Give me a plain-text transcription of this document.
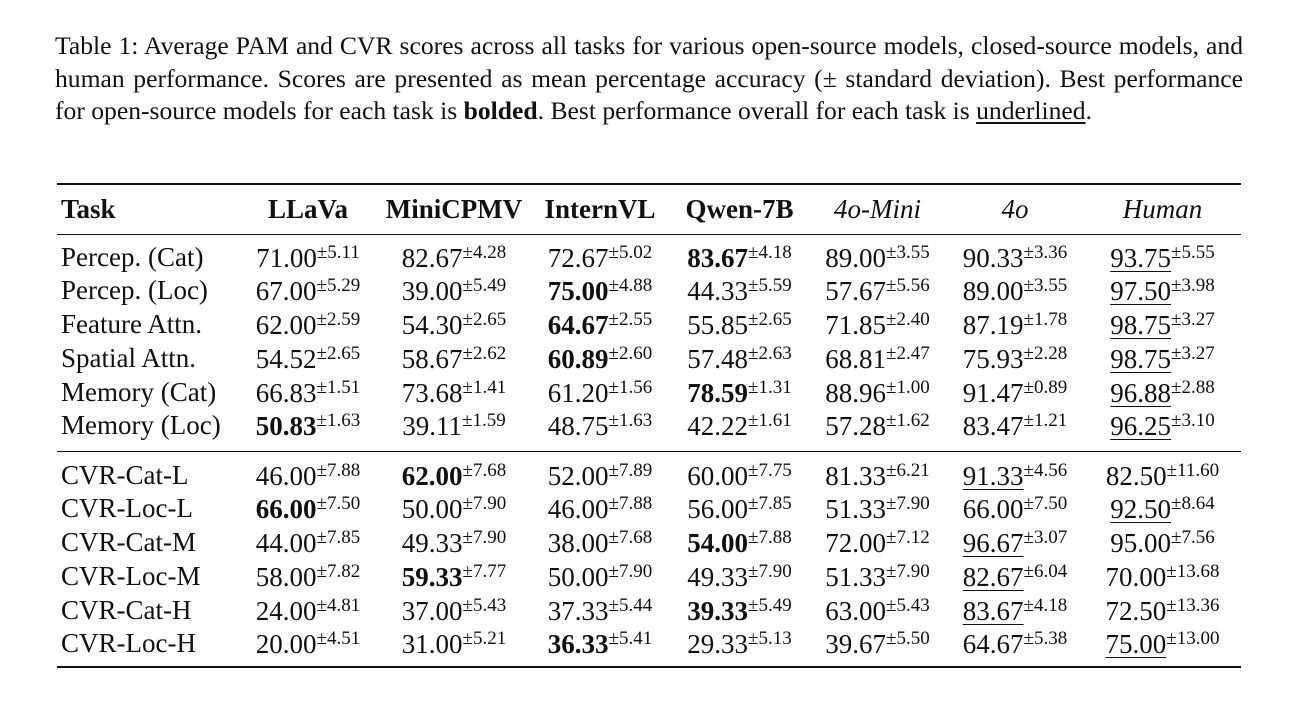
Table 1: Average PAM and CVR scores across all tasks for various open-source models, closed-source models, and human performance. Scores are presented as mean percentage accuracy (± standard deviation). Best performance for open-source models for each task is bolded. Best performance overall for each task is underlined.
Task	LLaVa	MiniCPMV	InternVL	Qwen-7B	4o-Mini	4o	Human
Percep. (Cat)	$71.00^{\pm 5.11}$	$82.67^{\pm 4.28}$	$72.67^{\pm 5.02}$	$83.67^{\pm 4.18}$	$89.00^{\pm 3.55}$	$90.33^{\pm 3.36}$	$93.75^{\pm 5.55}$
Percep. (Loc)	$67.00^{\pm 5.29}$	$39.00^{\pm 5.49}$	$75.00^{\pm 4.88}$	$44.33^{\pm 5.59}$	$57.67^{\pm 5.56}$	$89.00^{\pm 3.55}$	$97.50^{\pm 3.98}$
Feature Attn.	$62.00^{\pm 2.59}$	$54.30^{\pm 2.65}$	$64.67^{\pm 2.55}$	$55.85^{\pm 2.65}$	$71.85^{\pm 2.40}$	$87.19^{\pm 1.78}$	$98.75^{\pm 3.27}$
Spatial Attn.	$54.52^{\pm 2.65}$	$58.67^{\pm 2.62}$	$60.89^{\pm 2.60}$	$57.48^{\pm 2.63}$	$68.81^{\pm 2.47}$	$75.93^{\pm 2.28}$	$98.75^{\pm 3.27}$
Memory (Cat)	$66.83^{\pm 1.51}$	$73.68^{\pm 1.41}$	$61.20^{\pm 1.56}$	$78.59^{\pm 1.31}$	$88.96^{\pm 1.00}$	$91.47^{\pm 0.89}$	$96.88^{\pm 2.88}$
Memory (Loc)	$50.83^{\pm 1.63}$	$39.11^{\pm 1.59}$	$48.75^{\pm 1.63}$	$42.22^{\pm 1.61}$	$57.28^{\pm 1.62}$	$83.47^{\pm 1.21}$	$96.25^{\pm 3.10}$
CVR-Cat-L	$46.00^{\pm 7.88}$	$62.00^{\pm 7.68}$	$52.00^{\pm 7.89}$	$60.00^{\pm 7.75}$	$81.33^{\pm 6.21}$	$91.33^{\pm 4.56}$	$82.50^{\pm 11.60}$
CVR-Loc-L	$66.00^{\pm 7.50}$	$50.00^{\pm 7.90}$	$46.00^{\pm 7.88}$	$56.00^{\pm 7.85}$	$51.33^{\pm 7.90}$	$66.00^{\pm 7.50}$	$92.50^{\pm 8.64}$
CVR-Cat-M	$44.00^{\pm 7.85}$	$49.33^{\pm 7.90}$	$38.00^{\pm 7.68}$	$54.00^{\pm 7.88}$	$72.00^{\pm 7.12}$	$96.67^{\pm 3.07}$	$95.00^{\pm 7.56}$
CVR-Loc-M	$58.00^{\pm 7.82}$	$59.33^{\pm 7.77}$	$50.00^{\pm 7.90}$	$49.33^{\pm 7.90}$	$51.33^{\pm 7.90}$	$82.67^{\pm 6.04}$	$70.00^{\pm 13.68}$
CVR-Cat-H	$24.00^{\pm 4.81}$	$37.00^{\pm 5.43}$	$37.33^{\pm 5.44}$	$39.33^{\pm 5.49}$	$63.00^{\pm 5.43}$	$83.67^{\pm 4.18}$	$72.50^{\pm 13.36}$
CVR-Loc-H	$20.00^{\pm 4.51}$	$31.00^{\pm 5.21}$	$36.33^{\pm 5.41}$	$29.33^{\pm 5.13}$	$39.67^{\pm 5.50}$	$64.67^{\pm 5.38}$	$75.00^{\pm 13.00}$
